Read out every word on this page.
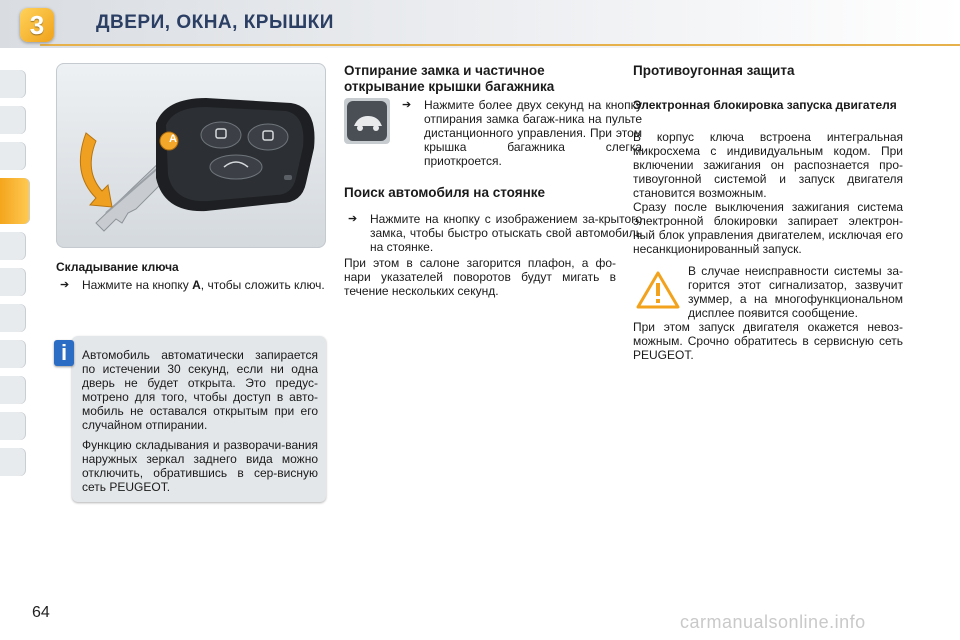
3	ДВЕРИ, ОКНА, КРЫШКИ
A
Складывание ключа
➔ Нажмите на кнопку A, чтобы сложить ключ.

Автомобиль автоматически запирается по истечении 30 секунд, если ни одна дверь не будет открыта. Это предус-мотрено для того, чтобы доступ в авто-мобиль не оставался открытым при его случайном отпирании.

Функцию складывания и разворачи-вания наружных зеркал заднего вида можно отключить, обратившись в сер-висную сеть PEUGEOT.

i
Отпирание замка и частичное открывание крышки багажника
➔ Нажмите более двух секунд на кнопку отпирания замка багаж-ника на пульте дистанционного управления. При этом крышка багажника слегка приоткроется.
Поиск автомобиля на стоянке
➔ Нажмите на кнопку с изображением за-крытого замка, чтобы быстро отыскать свой автомобиль на стоянке.

При этом в салоне загорится плафон, а фо-нари указателей поворотов будут мигать в течение нескольких секунд.

Противоугонная защита
Электронная блокировка запуска двигателя

В корпус ключа встроена интегральная микросхема с индивидуальным кодом. При включении зажигания он распознается про-тивоугонной системой и запуск двигателя становится возможным.

Сразу после выключения зажигания система электронной блокировки запирает электрон-ный блок управления двигателем, исключая его несанкционированный запуск.

В случае неисправности системы за-горится этот сигнализатор, зазвучит зуммер, а на многофункциональном дисплее появится сообщение.

При этом запуск двигателя окажется невоз-можным. Срочно обратитесь в сервисную сеть PEUGEOT.

64	carmanualsonline.info
